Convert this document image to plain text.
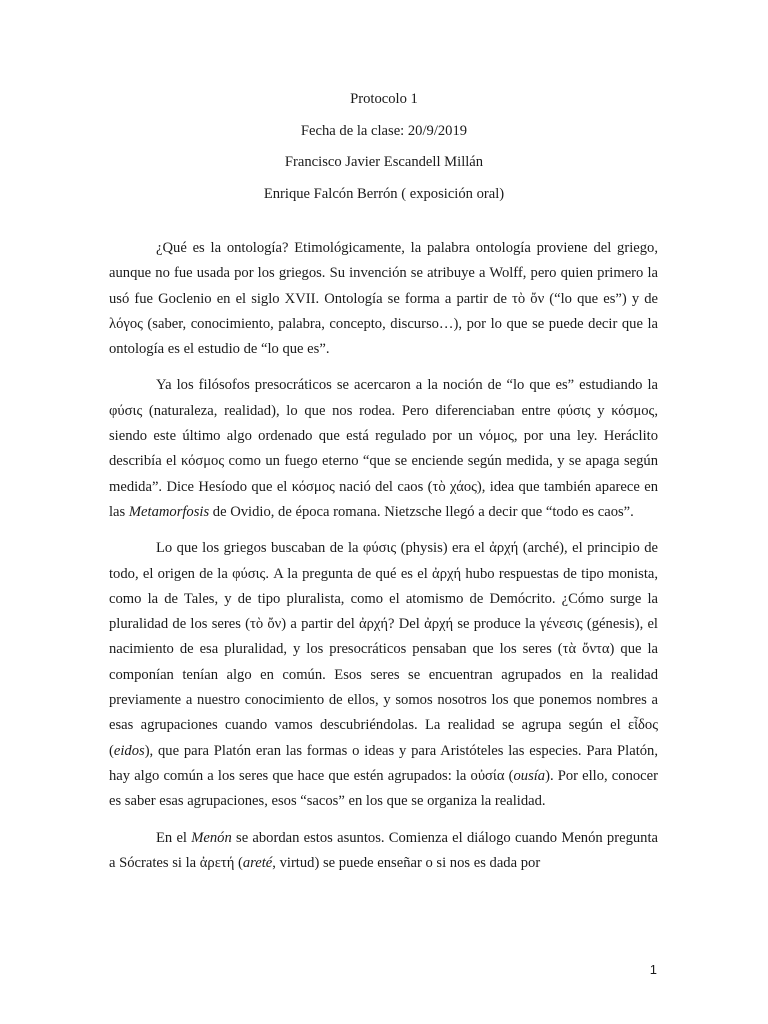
Protocolo 1
Fecha de la clase: 20/9/2019
Francisco Javier Escandell Millán
Enrique Falcón Berrón ( exposición oral)

¿Qué es la ontología? Etimológicamente, la palabra ontología proviene del griego, aunque no fue usada por los griegos. Su invención se atribuye a Wolff, pero quien primero la usó fue Goclenio en el siglo XVII. Ontología se forma a partir de τὸ ὄν (“lo que es”) y de λόγος (saber, conocimiento, palabra, concepto, discurso…), por lo que se puede decir que la ontología es el estudio de “lo que es”.

Ya los filósofos presocráticos se acercaron a la noción de “lo que es” estudiando la φύσις (naturaleza, realidad), lo que nos rodea. Pero diferenciaban entre φύσις y κόσμος, siendo este último algo ordenado que está regulado por un νόμος, por una ley. Heráclito describía el κόσμος como un fuego eterno “que se enciende según medida, y se apaga según medida”. Dice Hesíodo que el κόσμος nació del caos (τὸ χάος), idea que también aparece en las Metamorfosis de Ovidio, de época romana. Nietzsche llegó a decir que “todo es caos”.

Lo que los griegos buscaban de la φύσις (physis) era el ἀρχή (arché), el principio de todo, el origen de la φύσις. A la pregunta de qué es el ἀρχή hubo respuestas de tipo monista, como la de Tales, y de tipo pluralista, como el atomismo de Demócrito. ¿Cómo surge la pluralidad de los seres (τὸ ὄν) a partir del ἀρχή? Del ἀρχή se produce la γένεσις (génesis), el nacimiento de esa pluralidad, y los presocráticos pensaban que los seres (τὰ ὄντα) que la componían tenían algo en común. Esos seres se encuentran agrupados en la realidad previamente a nuestro conocimiento de ellos, y somos nosotros los que ponemos nombres a esas agrupaciones cuando vamos descubriéndolas. La realidad se agrupa según el εἶδος (eidos), que para Platón eran las formas o ideas y para Aristóteles las especies. Para Platón, hay algo común a los seres que hace que estén agrupados: la οὐσία (ousía). Por ello, conocer es saber esas agrupaciones, esos “sacos” en los que se organiza la realidad.

En el Menón se abordan estos asuntos. Comienza el diálogo cuando Menón pregunta a Sócrates si la ἀρετή (areté, virtud) se puede enseñar o si nos es dada por

1
